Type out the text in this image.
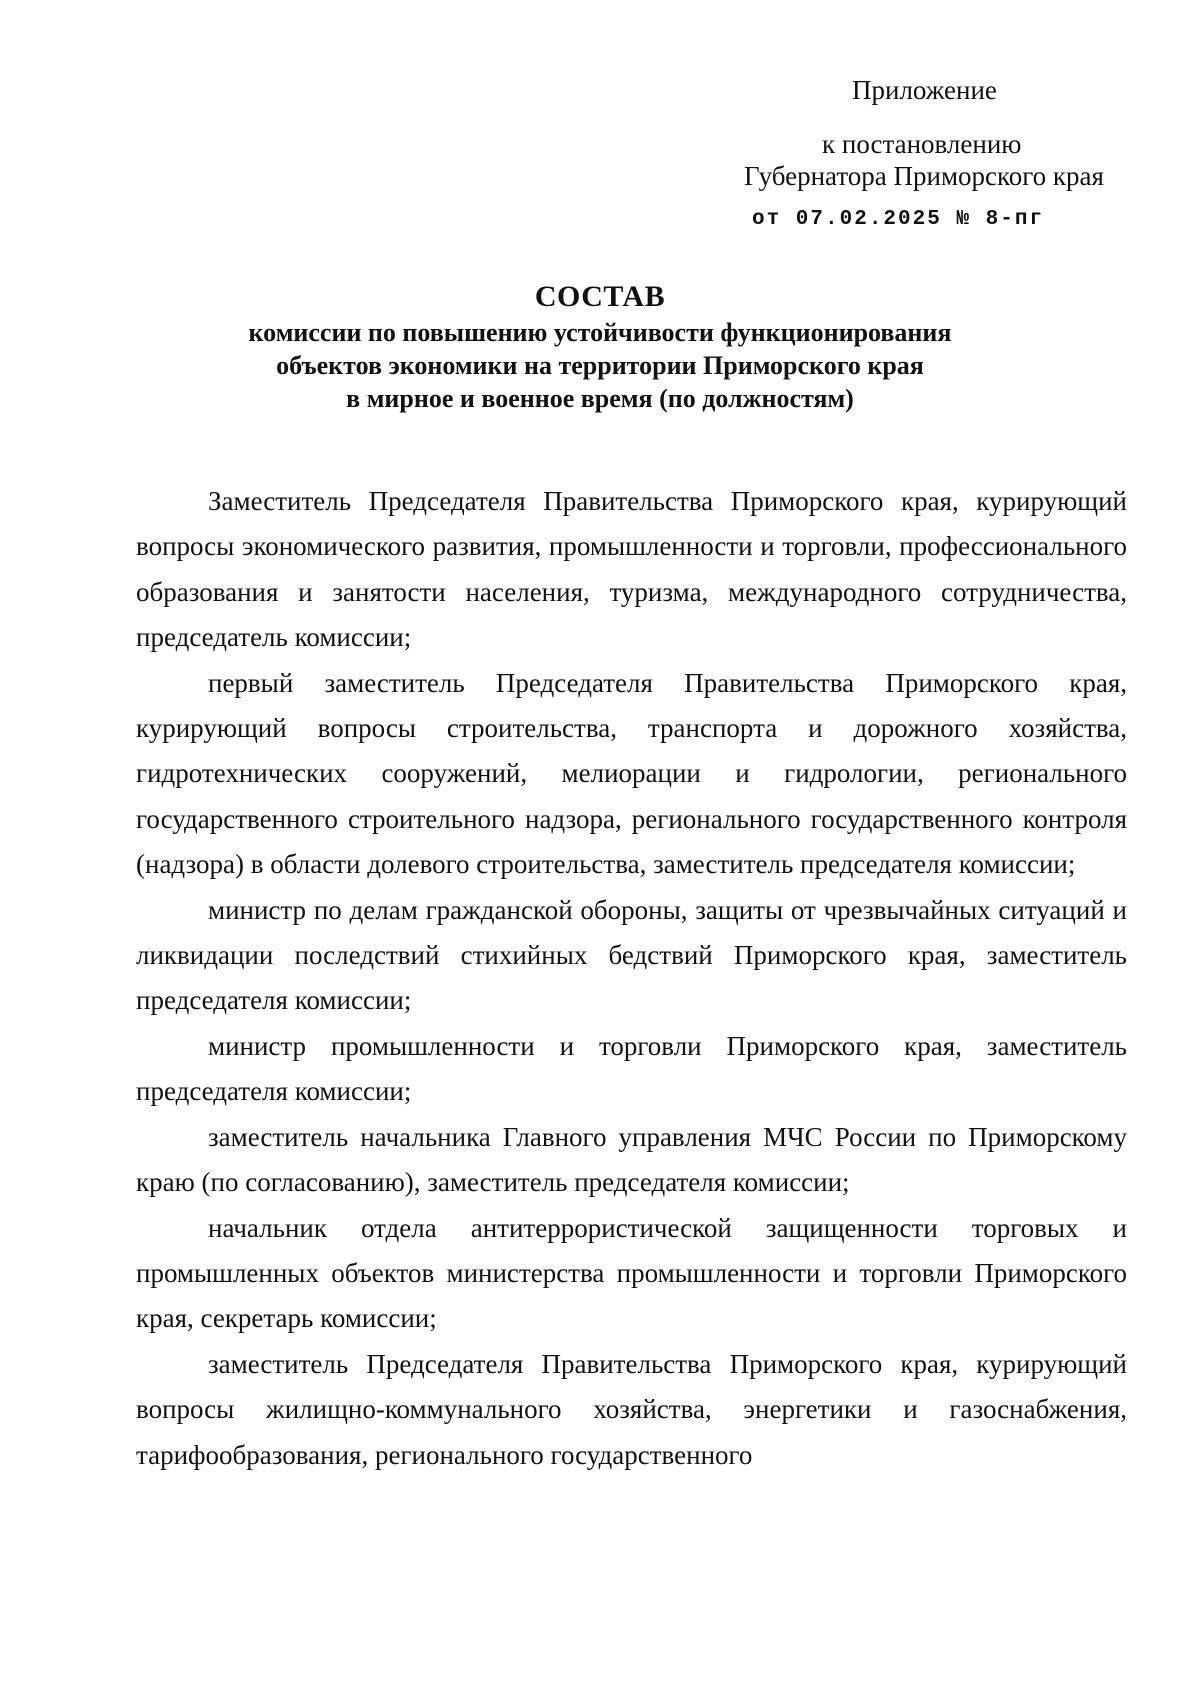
Приложение
к постановлению
Губернатора Приморского края
от 07.02.2025 № 8-пг
СОСТАВ
комиссии по повышению устойчивости функционирования
объектов экономики на территории Приморского края
в мирное и военное время (по должностям)

Заместитель Председателя Правительства Приморского края, курирующий вопросы экономического развития, промышленности и торговли, профессионального образования и занятости населения, туризма, международного сотрудничества, председатель комиссии;

первый заместитель Председателя Правительства Приморского края, курирующий вопросы строительства, транспорта и дорожного хозяйства, гидротехнических сооружений, мелиорации и гидрологии, регионального государственного строительного надзора, регионального государственного контроля (надзора) в области долевого строительства, заместитель председателя комиссии;

министр по делам гражданской обороны, защиты от чрезвычайных ситуаций и ликвидации последствий стихийных бедствий Приморского края, заместитель председателя комиссии;

министр промышленности и торговли Приморского края, заместитель председателя комиссии;

заместитель начальника Главного управления МЧС России по Приморскому краю (по согласованию), заместитель председателя комиссии;

начальник отдела антитеррористической защищенности торговых и промышленных объектов министерства промышленности и торговли Приморского края, секретарь комиссии;

заместитель Председателя Правительства Приморского края, курирующий вопросы жилищно-коммунального хозяйства, энергетики и газоснабжения, тарифообразования, регионального государственного
